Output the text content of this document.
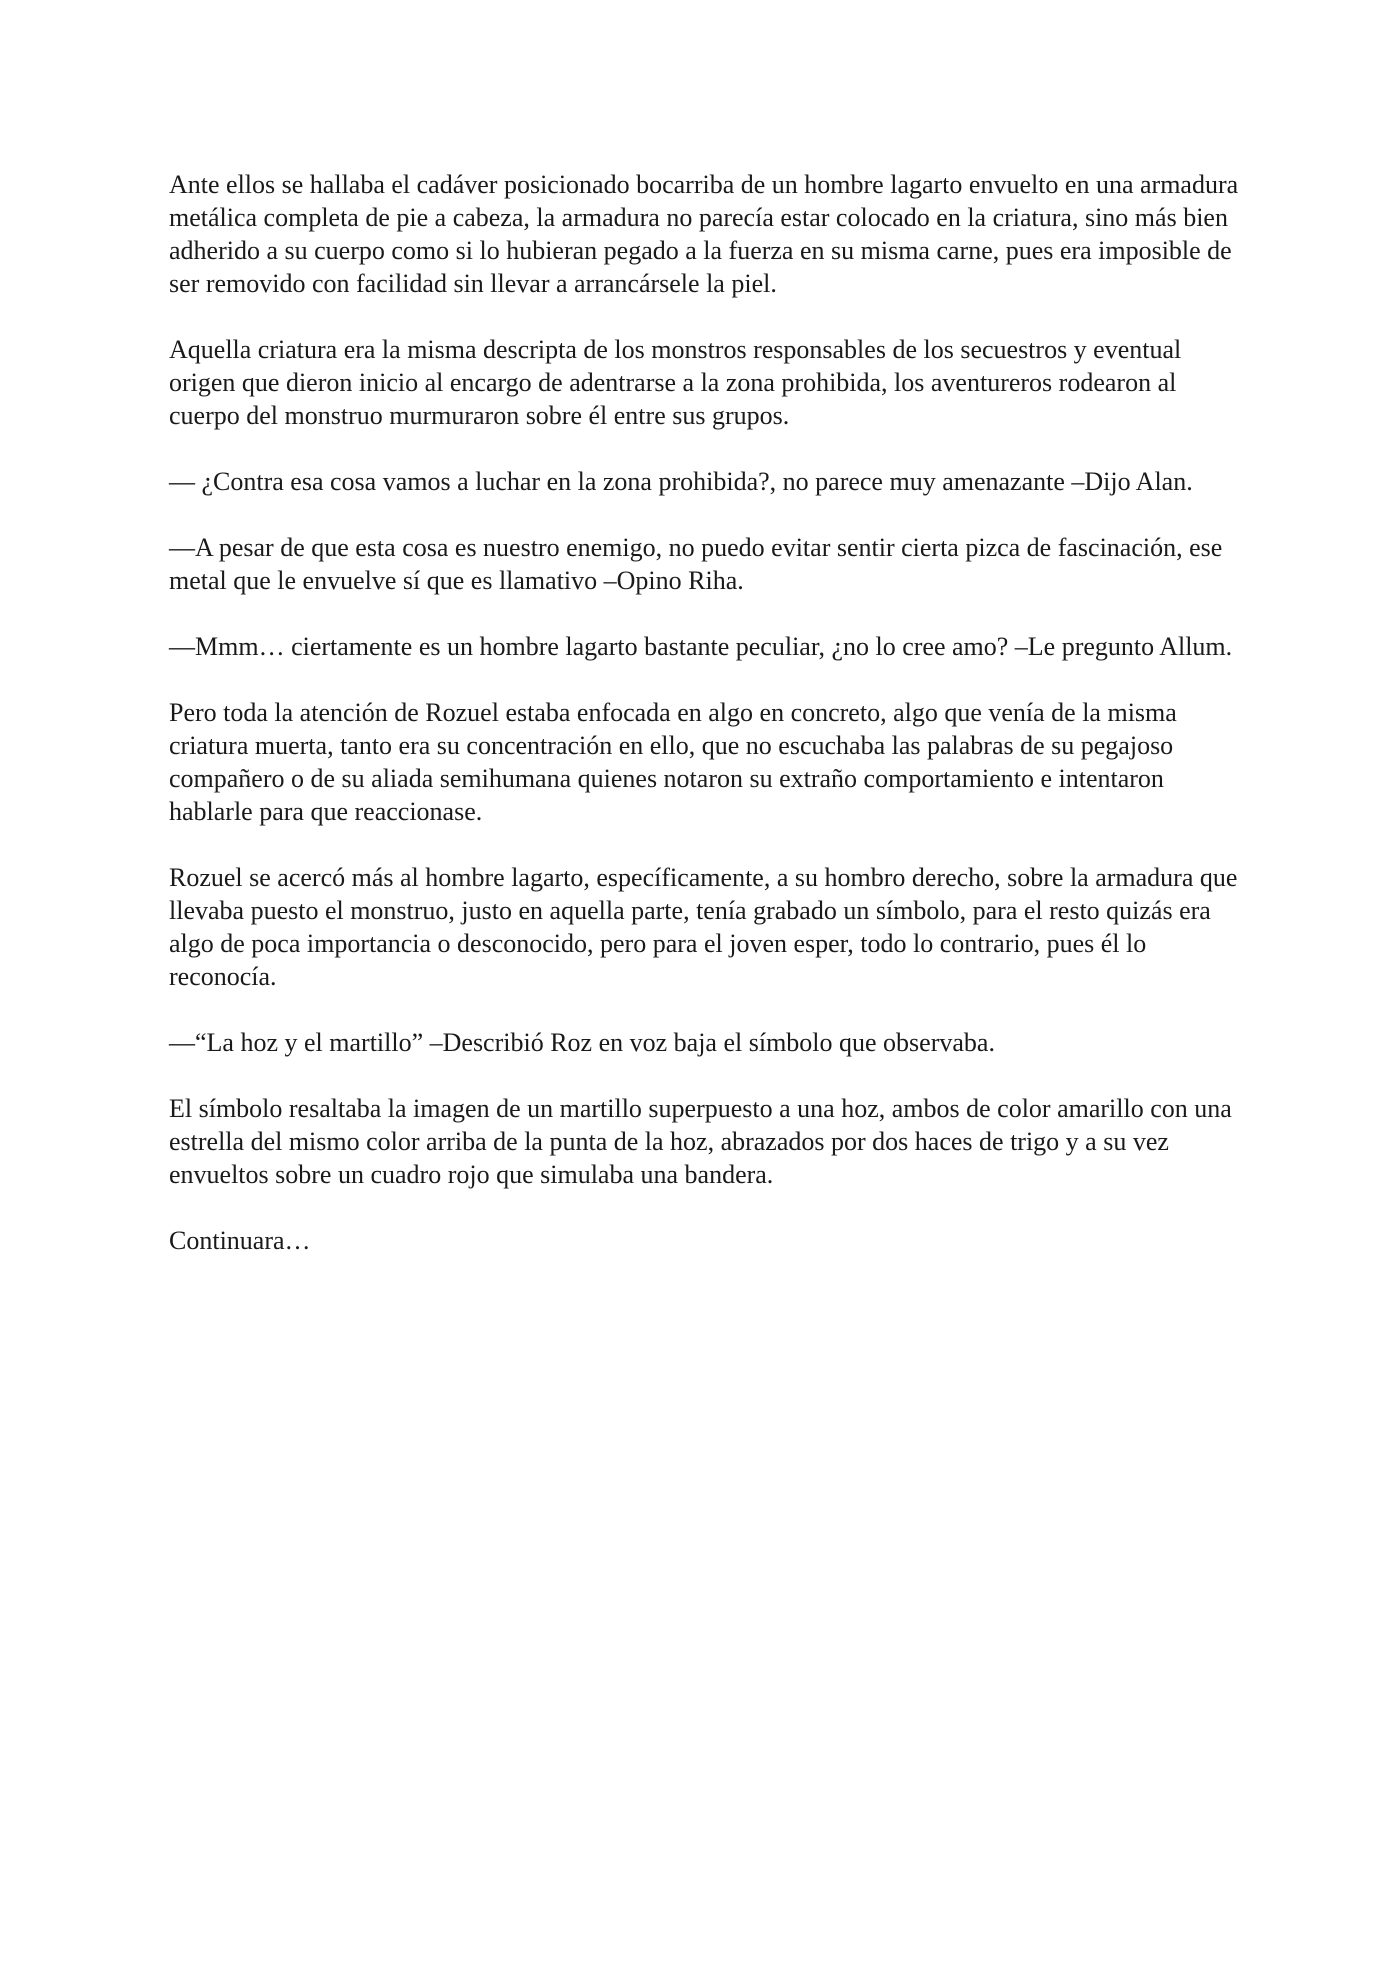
Ante ellos se hallaba el cadáver posicionado bocarriba de un hombre lagarto envuelto en una armadura metálica completa de pie a cabeza, la armadura no parecía estar colocado en la criatura, sino más bien adherido a su cuerpo como si lo hubieran pegado a la fuerza en su misma carne, pues era imposible de ser removido con facilidad sin llevar a arrancársele la piel.

Aquella criatura era la misma descripta de los monstros responsables de los secuestros y eventual origen que dieron inicio al encargo de adentrarse a la zona prohibida, los aventureros rodearon al cuerpo del monstruo murmuraron sobre él entre sus grupos.

— ¿Contra esa cosa vamos a luchar en la zona prohibida?, no parece muy amenazante –Dijo Alan.

—A pesar de que esta cosa es nuestro enemigo, no puedo evitar sentir cierta pizca de fascinación, ese metal que le envuelve sí que es llamativo –Opino Riha.

—Mmm… ciertamente es un hombre lagarto bastante peculiar, ¿no lo cree amo? –Le pregunto Allum.

Pero toda la atención de Rozuel estaba enfocada en algo en concreto, algo que venía de la misma criatura muerta, tanto era su concentración en ello, que no escuchaba las palabras de su pegajoso compañero o de su aliada semihumana quienes notaron su extraño comportamiento e intentaron hablarle para que reaccionase.

Rozuel se acercó más al hombre lagarto, específicamente, a su hombro derecho, sobre la armadura que llevaba puesto el monstruo, justo en aquella parte, tenía grabado un símbolo, para el resto quizás era algo de poca importancia o desconocido, pero para el joven esper, todo lo contrario, pues él lo reconocía.

—“La hoz y el martillo” –Describió Roz en voz baja el símbolo que observaba.

El símbolo resaltaba la imagen de un martillo superpuesto a una hoz, ambos de color amarillo con una estrella del mismo color arriba de la punta de la hoz, abrazados por dos haces de trigo y a su vez envueltos sobre un cuadro rojo que simulaba una bandera.

Continuara…
